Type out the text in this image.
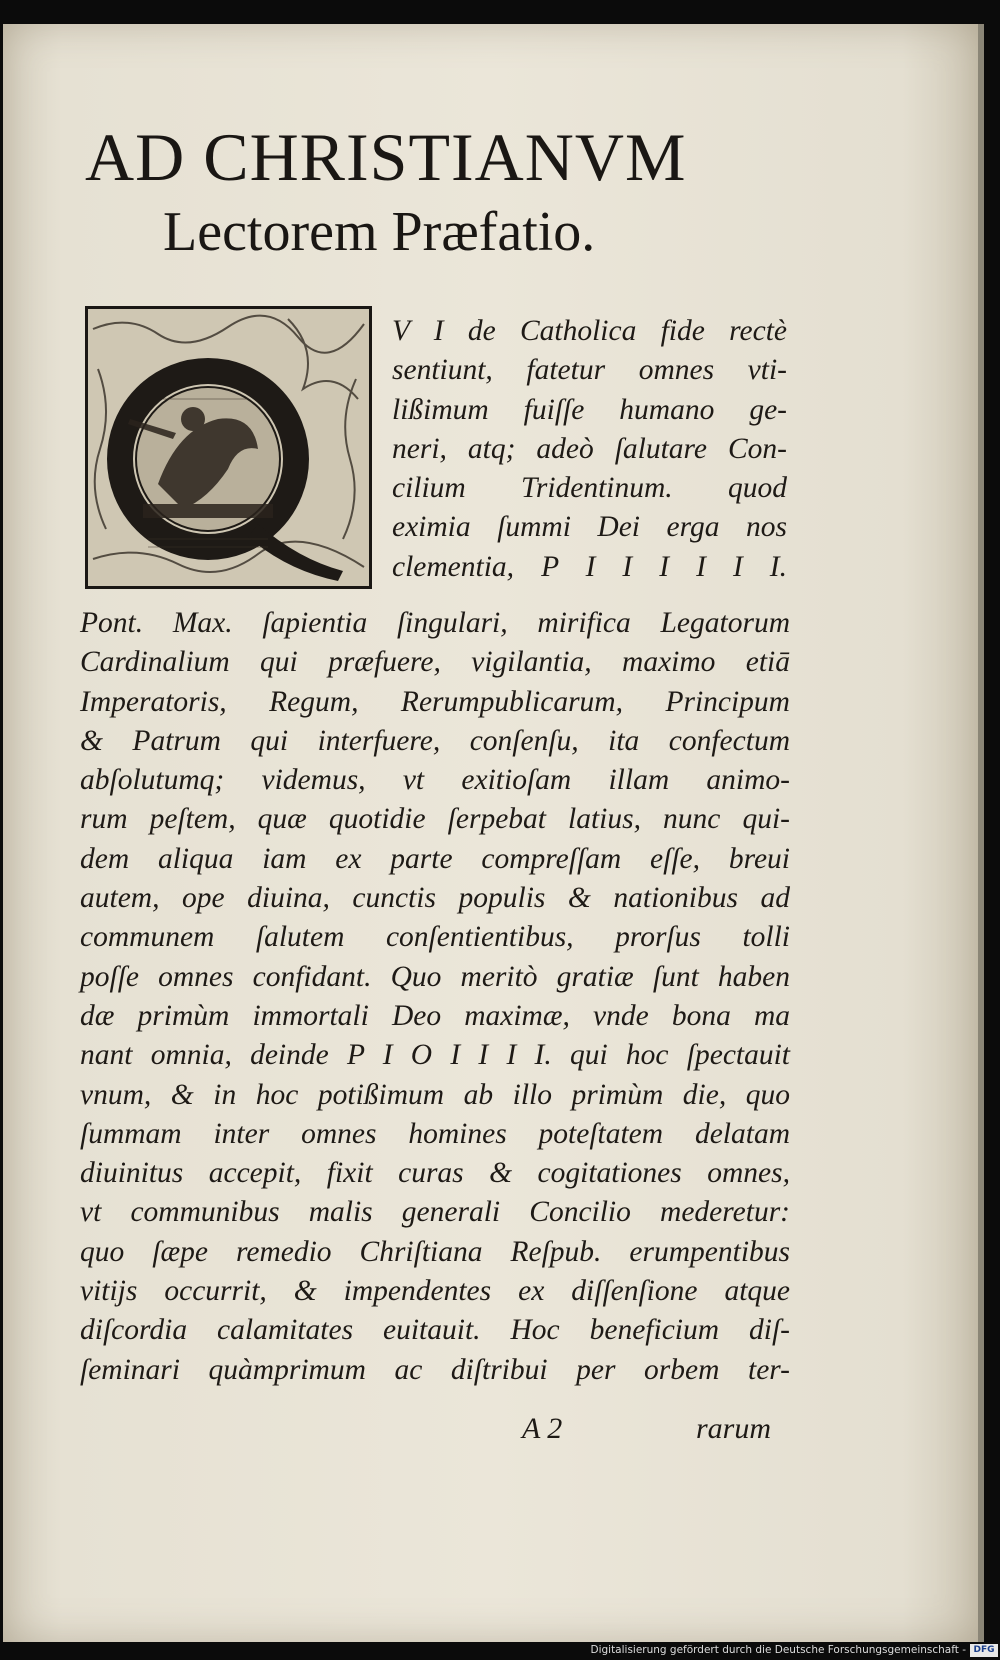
AD CHRISTIANVM
Lectorem Præfatio.
V I de Catholica fide rectè
sentiunt, fatetur omnes vti-
lißimum fuiſſe humano ge-
neri, atq; adeò ſalutare Con-
cilium Tridentinum. quod
eximia ſummi Dei erga nos
clementia, P I I I I I I.
Pont. Max. ſapientia ſingulari, mirifica Legatorum
Cardinalium qui præfuere, vigilantia, maximo etiā
Imperatoris, Regum, Rerumpublicarum, Principum
& Patrum qui interfuere, conſenſu, ita confectum
abſolutumq; videmus, vt exitioſam illam animo-
rum peſtem, quæ quotidie ſerpebat latius, nunc qui-
dem aliqua iam ex parte compreſſam eſſe, breui
autem, ope diuina, cunctis populis & nationibus ad
communem ſalutem conſentientibus, prorſus tolli
poſſe omnes confidant. Quo meritò gratiæ ſunt haben
dæ primùm immortali Deo maximæ, vnde bona ma
nant omnia, deinde P I O I I I I. qui hoc ſpectauit
vnum, & in hoc potißimum ab illo primùm die, quo
ſummam inter omnes homines poteſtatem delatam
diuinitus accepit, fixit curas & cogitationes omnes,
vt communibus malis generali Concilio mederetur:
quo ſæpe remedio Chriſtiana Reſpub. erumpentibus
vitijs occurrit, & impendentes ex diſſenſione atque
diſcordia calamitates euitauit. Hoc beneficium diſ-
ſeminari quàmprimum ac diſtribui per orbem ter-
A 2	rarum
Digitalisierung gefördert durch die Deutsche Forschungsgemeinschaft - DFG
